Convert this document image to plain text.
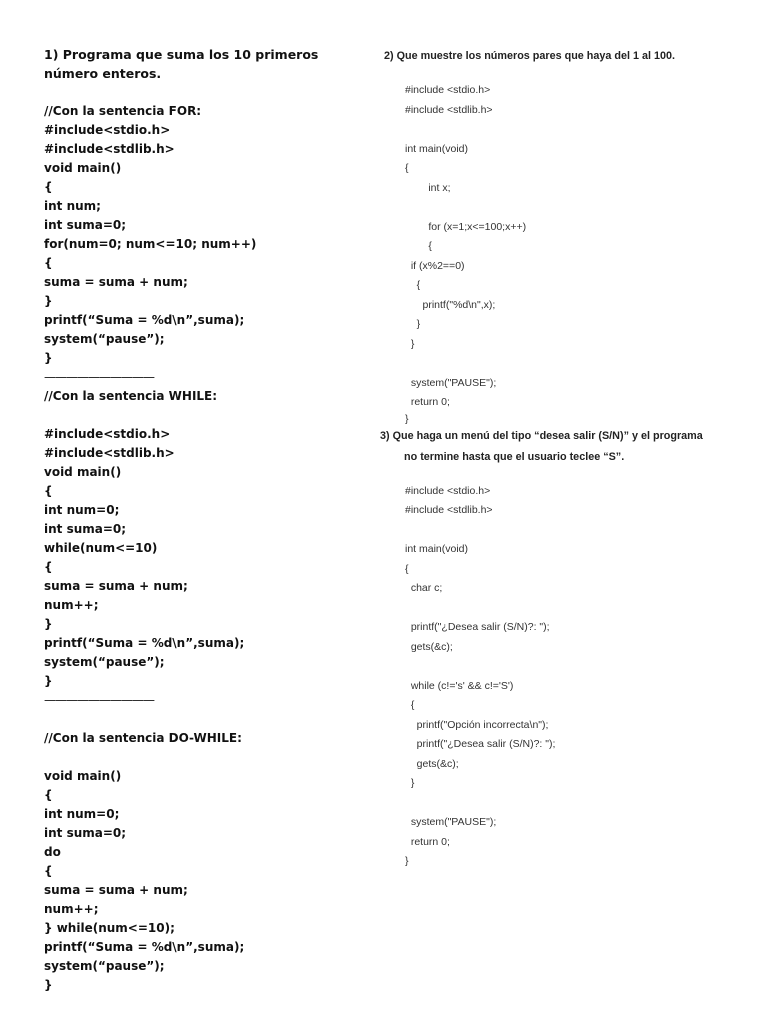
1) Programa que suma los 10 primeros número enteros.
//Con la sentencia FOR:
#include<stdio.h>
#include<stdlib.h>
void main()
{
int num;
int suma=0;
for(num=0; num<=10; num++)
{
suma = suma + num;
}
printf(“Suma = %d\n”,suma);
system(“pause”);
}
——————————
//Con la sentencia WHILE:
#include<stdio.h>
#include<stdlib.h>
void main()
{
int num=0;
int suma=0;
while(num<=10)
{
suma = suma + num;
num++;
}
printf(“Suma = %d\n”,suma);
system(“pause”);
}
——————————
//Con la sentencia DO-WHILE:
void main()
{
int num=0;
int suma=0;
do
{
suma = suma + num;
num++;
} while(num<=10);
printf(“Suma = %d\n”,suma);
system(“pause”);
}
2) Que muestre los números pares que haya del 1 al 100.
#include <stdio.h>
#include <stdlib.h>
int main(void)
{
int x;
for (x=1;x<=100;x++)
{
if (x%2==0)
{
printf("%d\n",x);
}
}
system("PAUSE");
return 0;
}
3) Que haga un menú del tipo “desea salir (S/N)” y el programa
no termine hasta que el usuario teclee “S”.
#include <stdio.h>
#include <stdlib.h>
int main(void)
{
char c;
printf("¿Desea salir (S/N)?: ");
gets(&c);
while (c!='s' && c!='S')
{
printf("Opción incorrecta\n");
printf("¿Desea salir (S/N)?: ");
gets(&c);
}
system("PAUSE");
return 0;
}
